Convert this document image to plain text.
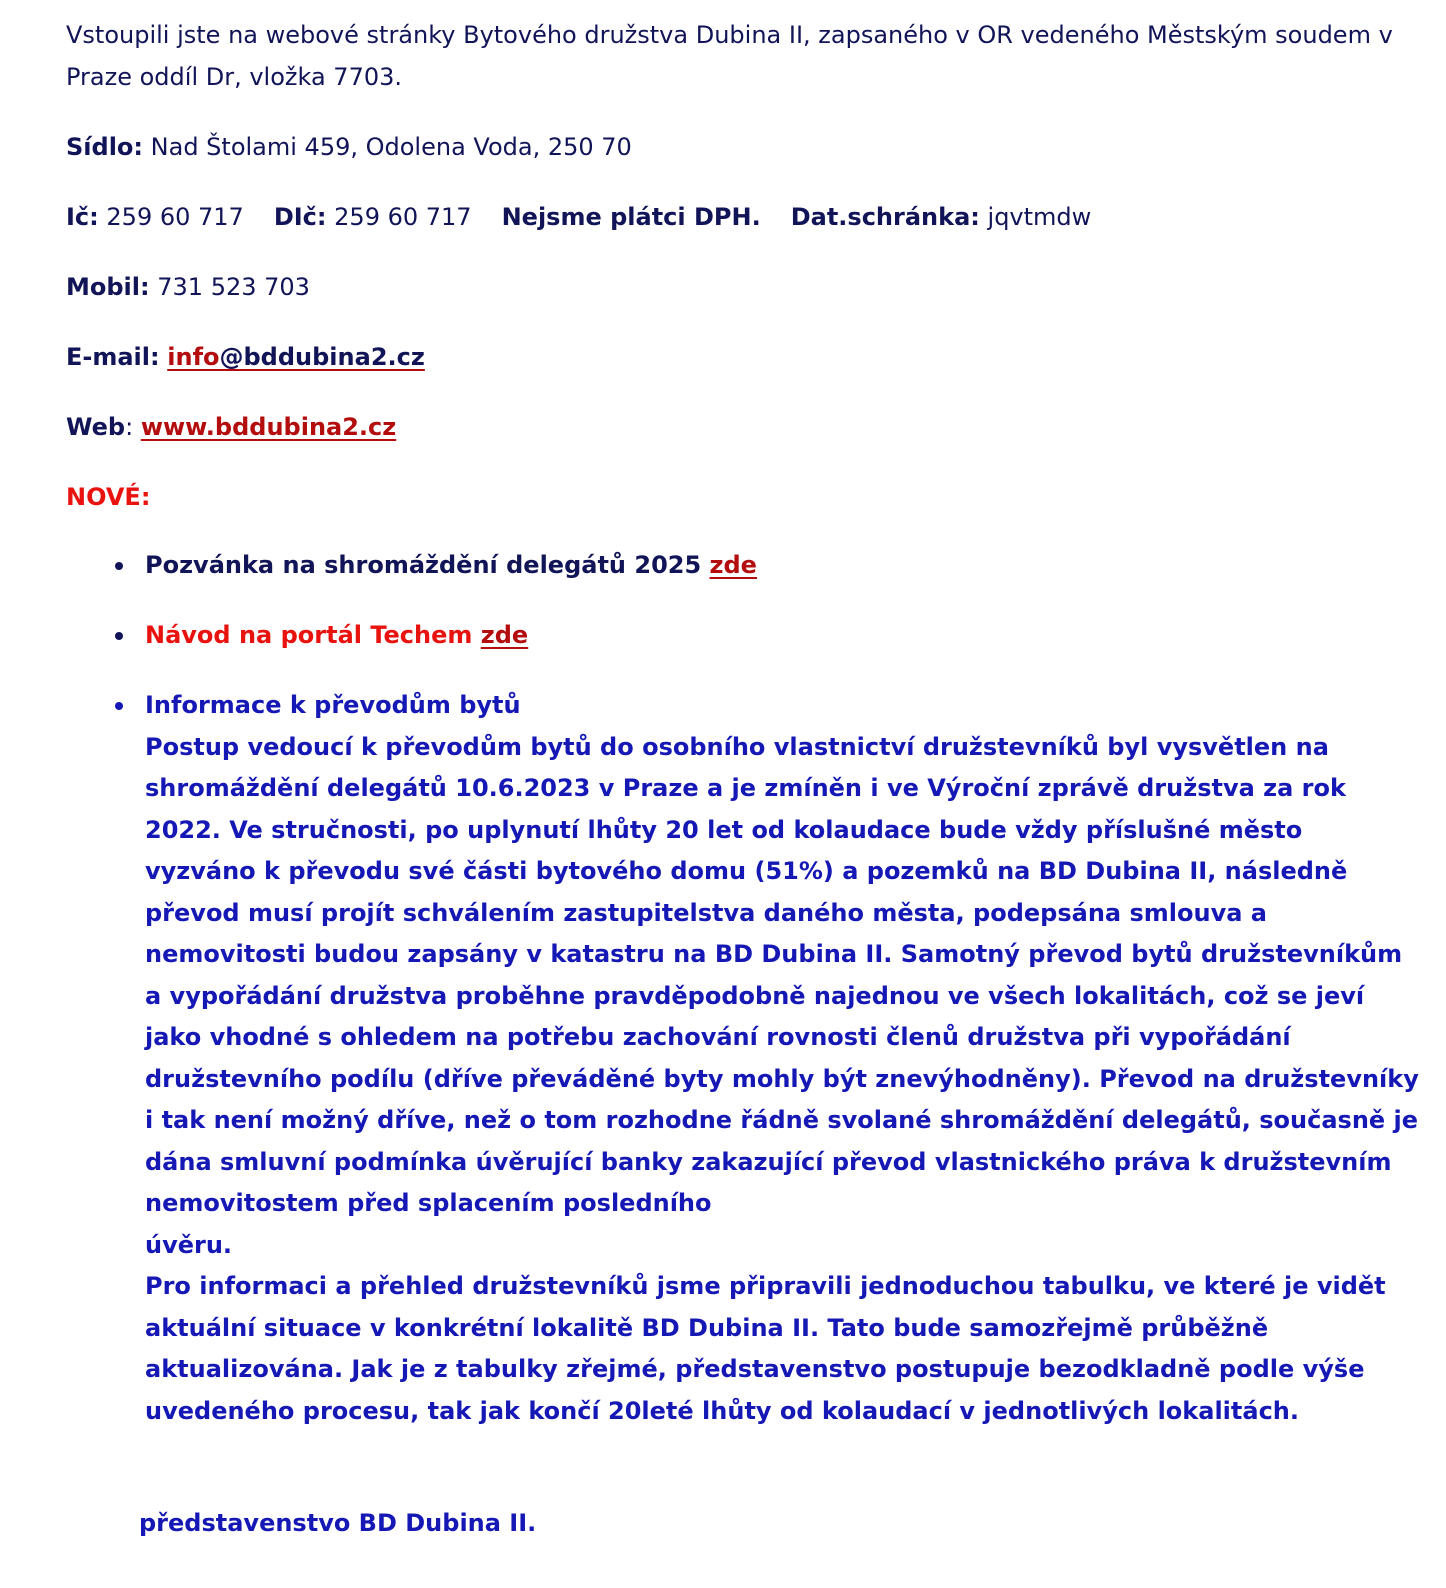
Vstoupili jste na webové stránky Bytového družstva Dubina II, zapsaného v OR vedeného Městským soudem v Praze oddíl Dr, vložka 7703.

Sídlo: Nad Štolami 459, Odolena Voda, 250 70

Ič: 259 60 717 DIč: 259 60 717 Nejsme plátci DPH. Dat.schránka: jqvtmdw

Mobil: 731 523 703

E-mail: info@bddubina2.cz

Web: www.bddubina2.cz

NOVÉ:

Pozvánka na shromáždění delegátů 2025 zde
Návod na portál Techem zde
Informace k převodům bytů
Postup vedoucí k převodům bytů do osobního vlastnictví družstevníků byl vysvětlen na shromáždění delegátů 10.6.2023 v Praze a je zmíněn i ve Výroční zprávě družstva za rok 2022. Ve stručnosti, po uplynutí lhůty 20 let od kolaudace bude vždy příslušné město vyzváno k převodu své části bytového domu (51%) a pozemků na BD Dubina II, následně převod musí projít schválením zastupitelstva daného města, podepsána smlouva a nemovitosti budou zapsány v katastru na BD Dubina II. Samotný převod bytů družstevníkům a vypořádání družstva proběhne pravděpodobně najednou ve všech lokalitách, což se jeví jako vhodné s ohledem na potřebu zachování rovnosti členů družstva při vypořádání družstevního podílu (dříve převáděné byty mohly být znevýhodněny). Převod na družstevníky i tak není možný dříve, než o tom rozhodne řádně svolané shromáždění delegátů, současně je dána smluvní podmínka úvěrující banky zakazující převod vlastnického práva k družstevním nemovitostem před splacením posledního
úvěru.
Pro informaci a přehled družstevníků jsme připravili jednoduchou tabulku, ve které je vidět aktuální situace v konkrétní lokalitě BD Dubina II. Tato bude samozřejmě průběžně aktualizována. Jak je z tabulky zřejmé, představenstvo postupuje bezodkladně podle výše uvedeného procesu, tak jak končí 20leté lhůty od kolaudací v jednotlivých lokalitách.

představenstvo BD Dubina II.
